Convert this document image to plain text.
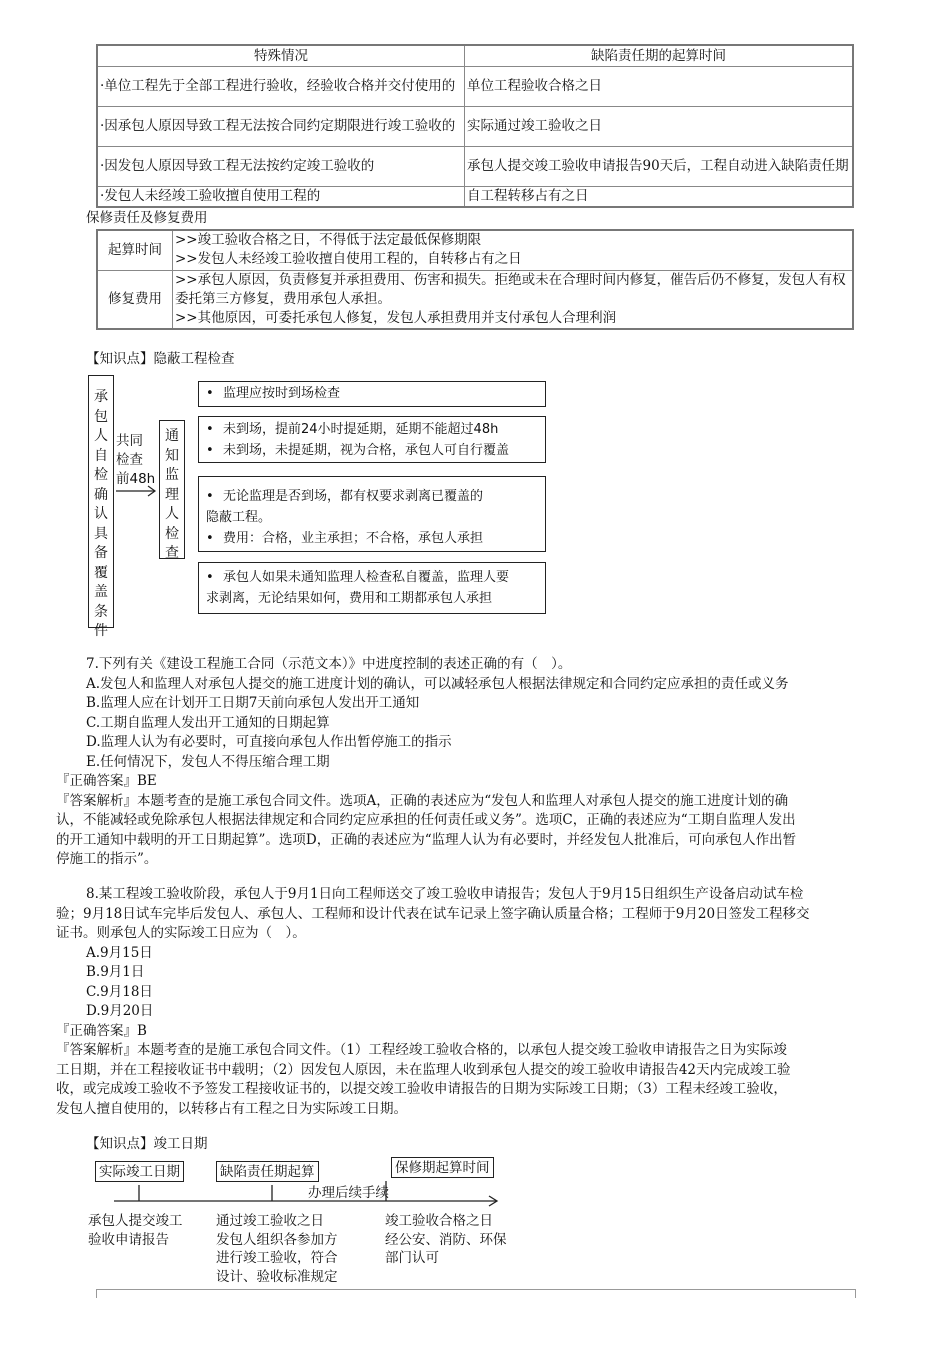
特殊情况	缺陷责任期的起算时间
·单位工程先于全部工程进行验收，经验收合格并交付使用的	单位工程验收合格之日
·因承包人原因导致工程无法按合同约定期限进行竣工验收的	实际通过竣工验收之日
·因发包人原因导致工程无法按约定竣工验收的	承包人提交竣工验收申请报告90天后，工程自动进入缺陷责任期
·发包人未经竣工验收擅自使用工程的	自工程转移占有之日
保修责任及修复费用
起算时间	>>竣工验收合格之日，不得低于法定最低保修期限
>>发包人未经竣工验收擅自使用工程的，自转移占有之日

修复费用	>>承包人原因，负责修复并承担费用、伤害和损失。拒绝或未在合理时间内修复，催告后仍不修复，发包人有权委托第三方修复，费用承包人承担。
>>其他原因，可委托承包人修复，发包人承担费用并支付承包人合理利润
【知识点】隐蔽工程检查
承
包
人
自
检
确
认
具
备
覆
盖
条
件
共同
检查
前48h
通
知
监
理
人
检
查
• 监理应按时到场检查
• 未到场，提前24小时提延期，延期不能超过48h
• 未到场，未提延期，视为合格，承包人可自行覆盖
• 无论监理是否到场，都有权要求剥离已覆盖的
隐蔽工程。
• 费用：合格，业主承担；不合格，承包人承担
• 承包人如果未通知监理人检查私自覆盖，监理人要
求剥离，无论结果如何，费用和工期都承包人承担
7.下列有关《建设工程施工合同（示范文本）》中进度控制的表述正确的有（　）。
A.发包人和监理人对承包人提交的施工进度计划的确认，可以减轻承包人根据法律规定和合同约定应承担的责任或义务
B.监理人应在计划开工日期7天前向承包人发出开工通知
C.工期自监理人发出开工通知的日期起算
D.监理人认为有必要时，可直接向承包人作出暂停施工的指示
E.任何情况下，发包人不得压缩合理工期
『正确答案』BE
『答案解析』本题考查的是施工承包合同文件。选项A，正确的表述应为“发包人和监理人对承包人提交的施工进度计划的确
认，不能减轻或免除承包人根据法律规定和合同约定应承担的任何责任或义务”。选项C，正确的表述应为“工期自监理人发出
的开工通知中载明的开工日期起算”。选项D，正确的表述应为“监理人认为有必要时，并经发包人批准后，可向承包人作出暂
停施工的指示”。
8.某工程竣工验收阶段，承包人于9月1日向工程师送交了竣工验收申请报告；发包人于9月15日组织生产设备启动试车检
验；9月18日试车完毕后发包人、承包人、工程师和设计代表在试车记录上签字确认质量合格；工程师于9月20日签发工程移交
证书。则承包人的实际竣工日应为（　）。
A.9月15日
B.9月1日
C.9月18日
D.9月20日
『正确答案』B
『答案解析』本题考查的是施工承包合同文件。（1）工程经竣工验收合格的，以承包人提交竣工验收申请报告之日为实际竣
工日期，并在工程接收证书中载明；（2）因发包人原因，未在监理人收到承包人提交的竣工验收申请报告42天内完成竣工验
收，或完成竣工验收不予签发工程接收证书的，以提交竣工验收申请报告的日期为实际竣工日期；（3）工程未经竣工验收，
发包人擅自使用的，以转移占有工程之日为实际竣工日期。
【知识点】竣工日期
实际竣工日期	缺陷责任期起算	保修期起算时间
办理后续手续
承包人提交竣工
验收申请报告
通过竣工验收之日
发包人组织各参加方
进行竣工验收，符合
设计、验收标准规定
竣工验收合格之日
经公安、消防、环保
部门认可
